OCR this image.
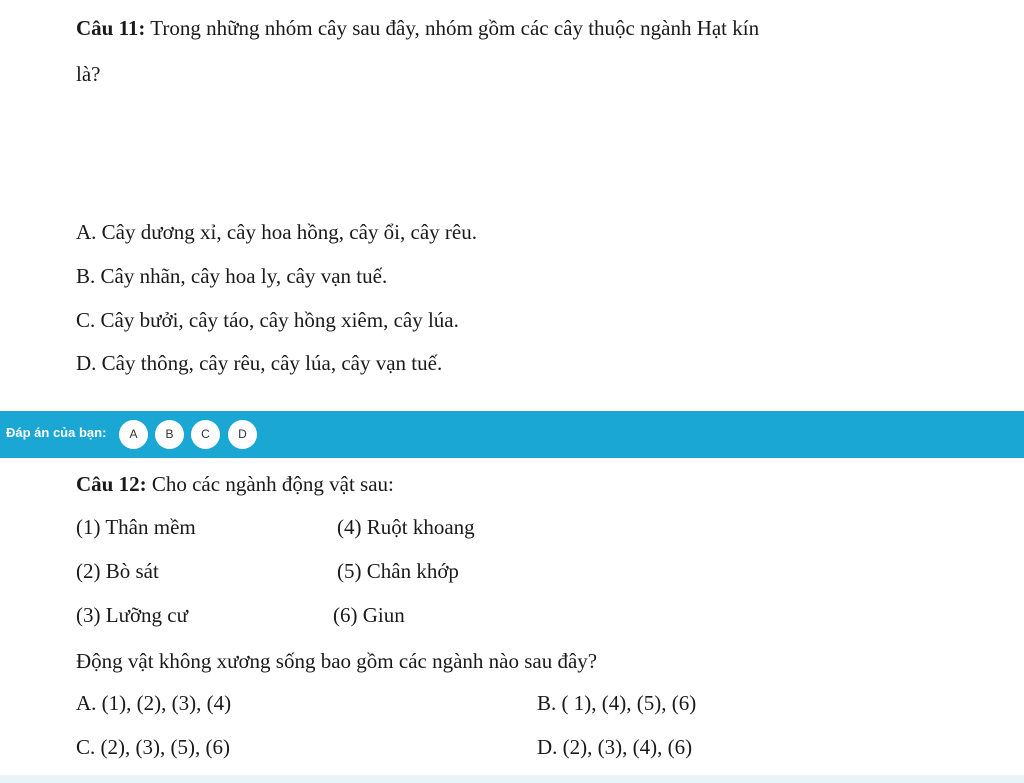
Câu 11: Trong những nhóm cây sau đây, nhóm gồm các cây thuộc ngành Hạt kín
là?
A. Cây dương xỉ, cây hoa hồng, cây ổi, cây rêu.
B. Cây nhãn, cây hoa ly, cây vạn tuế.
C. Cây bưởi, cây táo, cây hồng xiêm, cây lúa.
D. Cây thông, cây rêu, cây lúa, cây vạn tuế.
Đáp án của bạn:	A	B	C	D
Câu 12: Cho các ngành động vật sau:
(1) Thân mềm	(4) Ruột khoang
(2) Bò sát	(5) Chân khớp
(3) Lưỡng cư	(6) Giun
Động vật không xương sống bao gồm các ngành nào sau đây?
A. (1), (2), (3), (4)	B. ( 1), (4), (5), (6)
C. (2), (3), (5), (6)	D. (2), (3), (4), (6)
